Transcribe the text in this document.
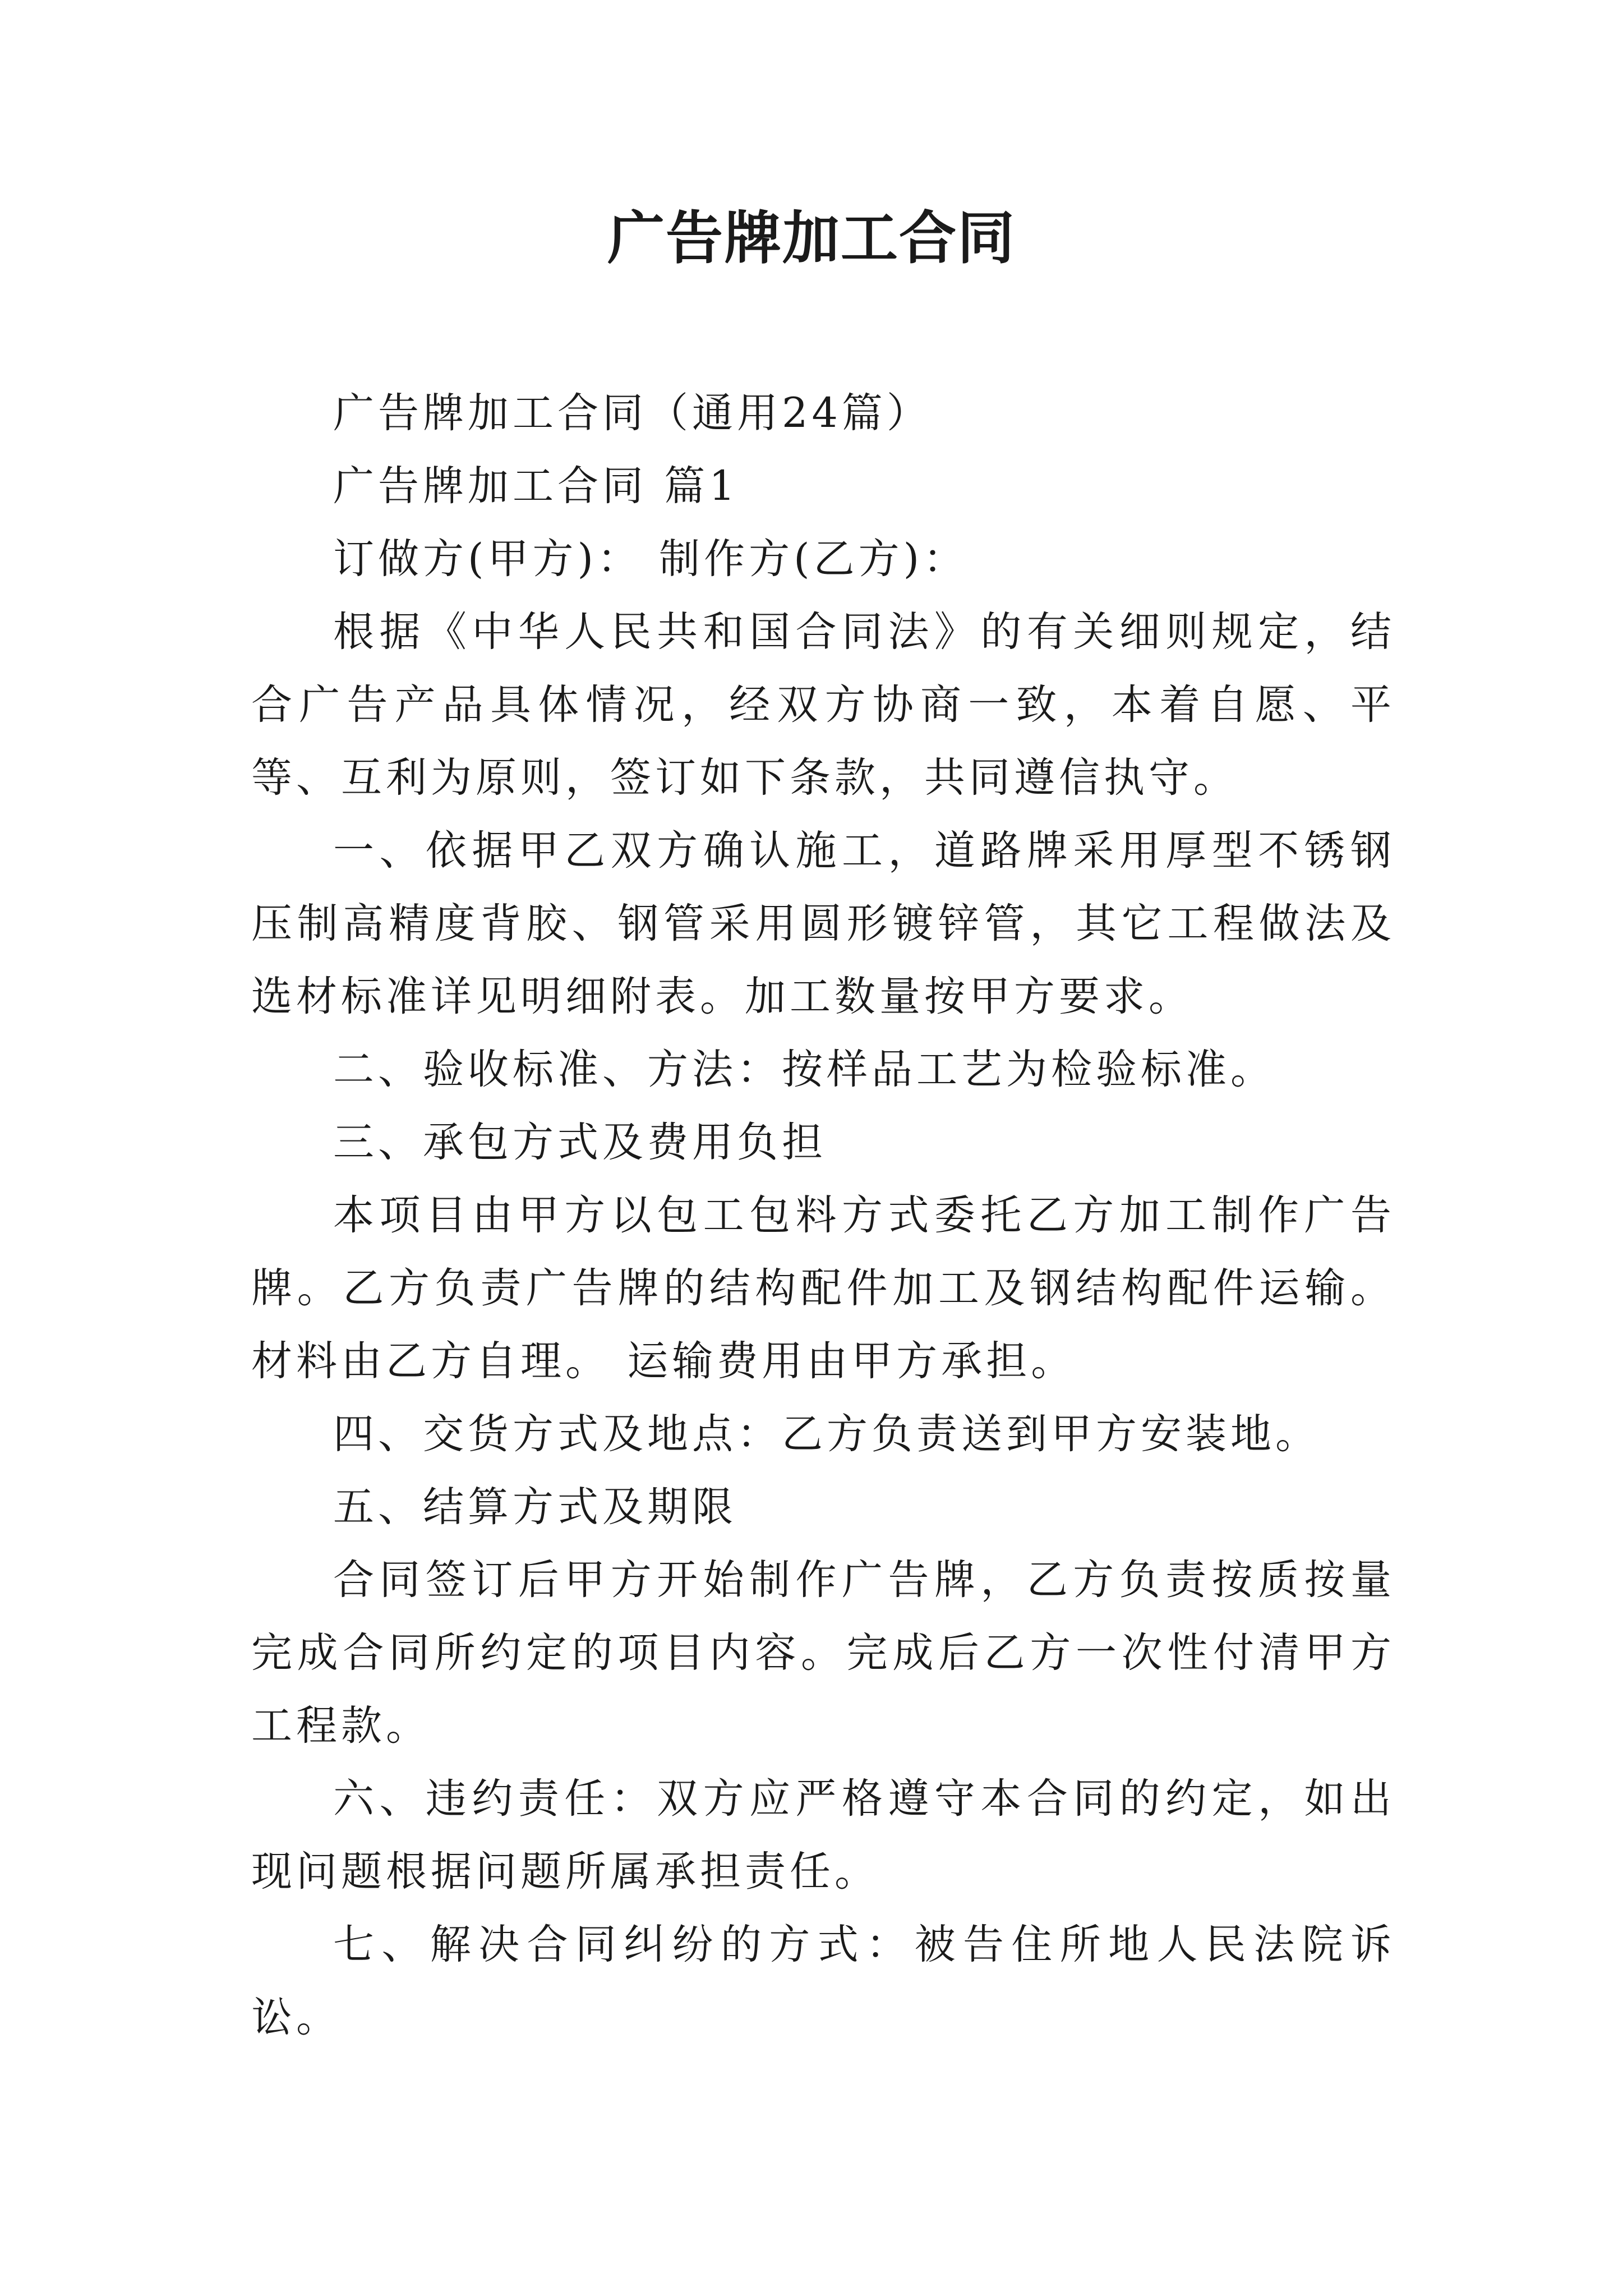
广告牌加工合同

广告牌加工合同（通用24篇）

广告牌加工合同 篇1

订做方(甲方)： 制作方(乙方)：

根据《中华人民共和国合同法》的有关细则规定，结合广告产品具体情况，经双方协商一致，本着自愿、平等、互利为原则，签订如下条款，共同遵信执守。

一、依据甲乙双方确认施工，道路牌采用厚型不锈钢压制高精度背胶、钢管采用圆形镀锌管，其它工程做法及选材标准详见明细附表。加工数量按甲方要求。

二、验收标准、方法：按样品工艺为检验标准。

三、承包方式及费用负担

本项目由甲方以包工包料方式委托乙方加工制作广告牌。乙方负责广告牌的结构配件加工及钢结构配件运输。材料由乙方自理。 运输费用由甲方承担。

四、交货方式及地点：乙方负责送到甲方安装地。

五、结算方式及期限

合同签订后甲方开始制作广告牌，乙方负责按质按量完成合同所约定的项目内容。完成后乙方一次性付清甲方工程款。

六、违约责任：双方应严格遵守本合同的约定，如出现问题根据问题所属承担责任。

七、解决合同纠纷的方式：被告住所地人民法院诉讼。
